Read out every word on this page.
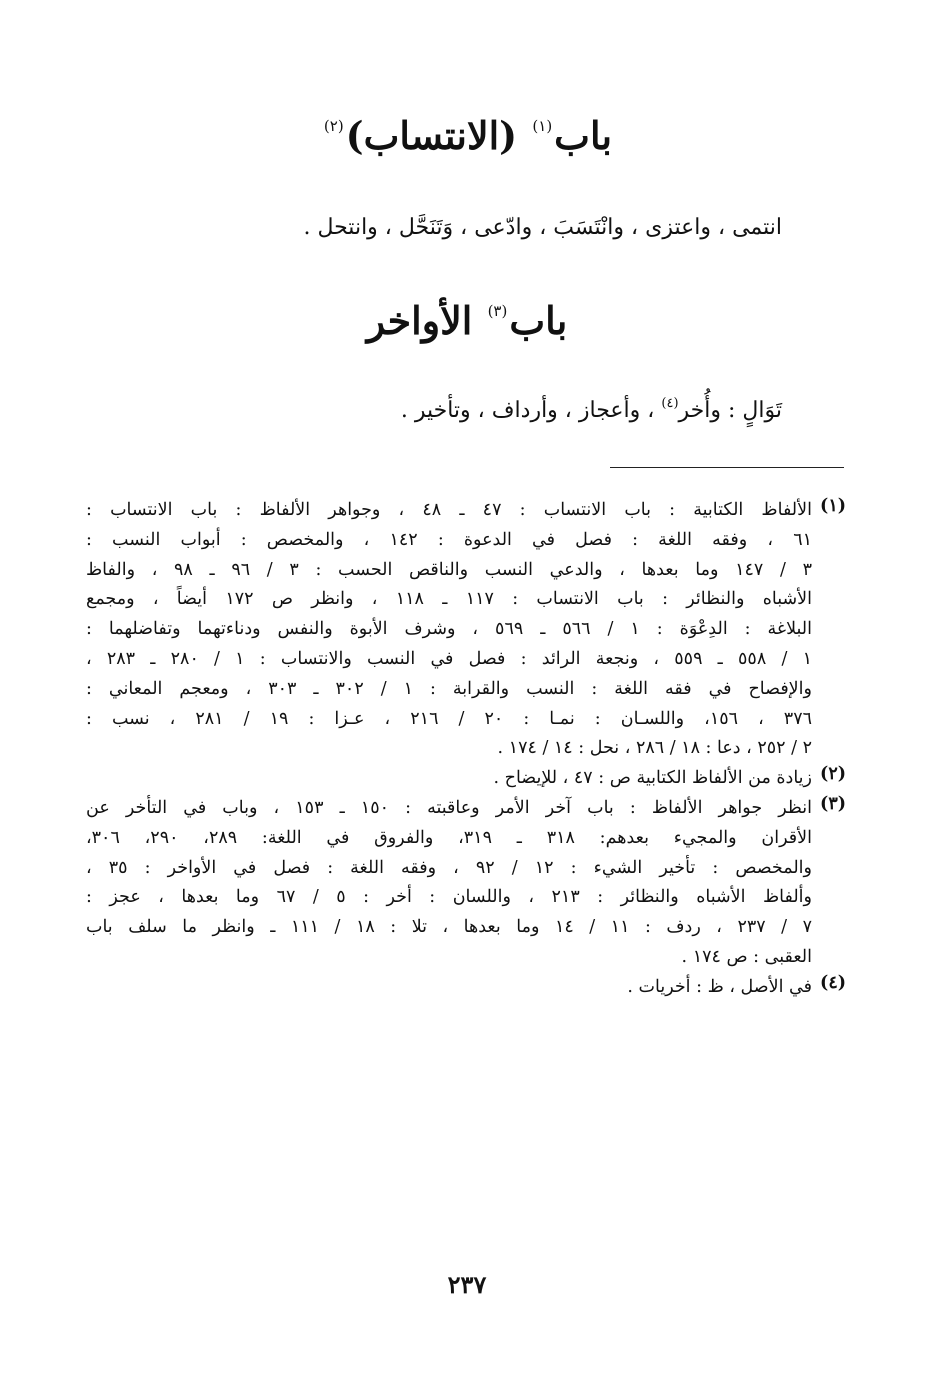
باب$^{(١)}$ (الانتساب)$^{(٢)}$
انتمى ، واعتزى ، وانْتَسَبَ ، وادّعى ، وَتَنَحَّل ، وانتحل .
باب$^{(٣)}$ الأواخر
تَوَالٍ : وأُخر$^{(٤)}$ ، وأعجاز ، وأرداف ، وتأخير .
(١)
الألفاظ الكتابية : باب الانتساب : ٤٧ ـ ٤٨ ، وجواهر الألفاظ : باب الانتساب :
٦١ ، وفقه اللغة : فصل في الدعوة : ١٤٢ ، والمخصص : أبواب النسب :
٣ / ١٤٧ وما بعدها ، والدعي النسب والناقص الحسب : ٣ / ٩٦ ـ ٩٨ ، والفاظ
الأشباه والنظائر : باب الانتساب : ١١٧ ـ ١١٨ ، وانظر ص ١٧٢ أيضاً ، ومجمع
البلاغة : الدِعْوَة : ١ / ٥٦٦ ـ ٥٦٩ ، وشرف الأبوة والنفس ودناءتهما وتفاضلهما :
١ / ٥٥٨ ـ ٥٥٩ ، ونجعة الرائد : فصل في النسب والانتساب : ١ / ٢٨٠ ـ ٢٨٣ ،
والإفصاح في فقه اللغة : النسب والقرابة : ١ / ٣٠٢ ـ ٣٠٣ ، ومعجم المعاني :
٣٧٦ ، ١٥٦، واللسـان : نمـا : ٢٠ / ٢١٦ ، عـزا : ١٩ / ٢٨١ ، نسب :
٢ / ٢٥٢ ، دعا : ١٨ / ٢٨٦ ، نحل : ١٤ / ١٧٤ .
(٢)
زيادة من الألفاظ الكتابية ص : ٤٧ ، للإيضاح .
(٣)
انظر جواهر الألفاظ : باب آخر الأمر وعاقبته : ١٥٠ ـ ١٥٣ ، وباب في التأخر عن
الأقران والمجيء بعدهم: ٣١٨ ـ ٣١٩، والفروق في اللغة: ٢٨٩، ٢٩٠، ٣٠٦،
والمخصص : تأخير الشيء : ١٢ / ٩٢ ، وفقه اللغة : فصل في الأواخر : ٣٥ ،
وألفاظ الأشباه والنظائر : ٢١٣ ، واللسان : أخر : ٥ / ٦٧ وما بعدها ، عجز :
٧ / ٢٣٧ ، ردف : ١١ / ١٤ وما بعدها ، تلا : ١٨ / ١١١ ـ وانظر ما سلف باب
العقبى : ص ١٧٤ .
(٤)
في الأصل ، ظ : أخريات .
٢٣٧
